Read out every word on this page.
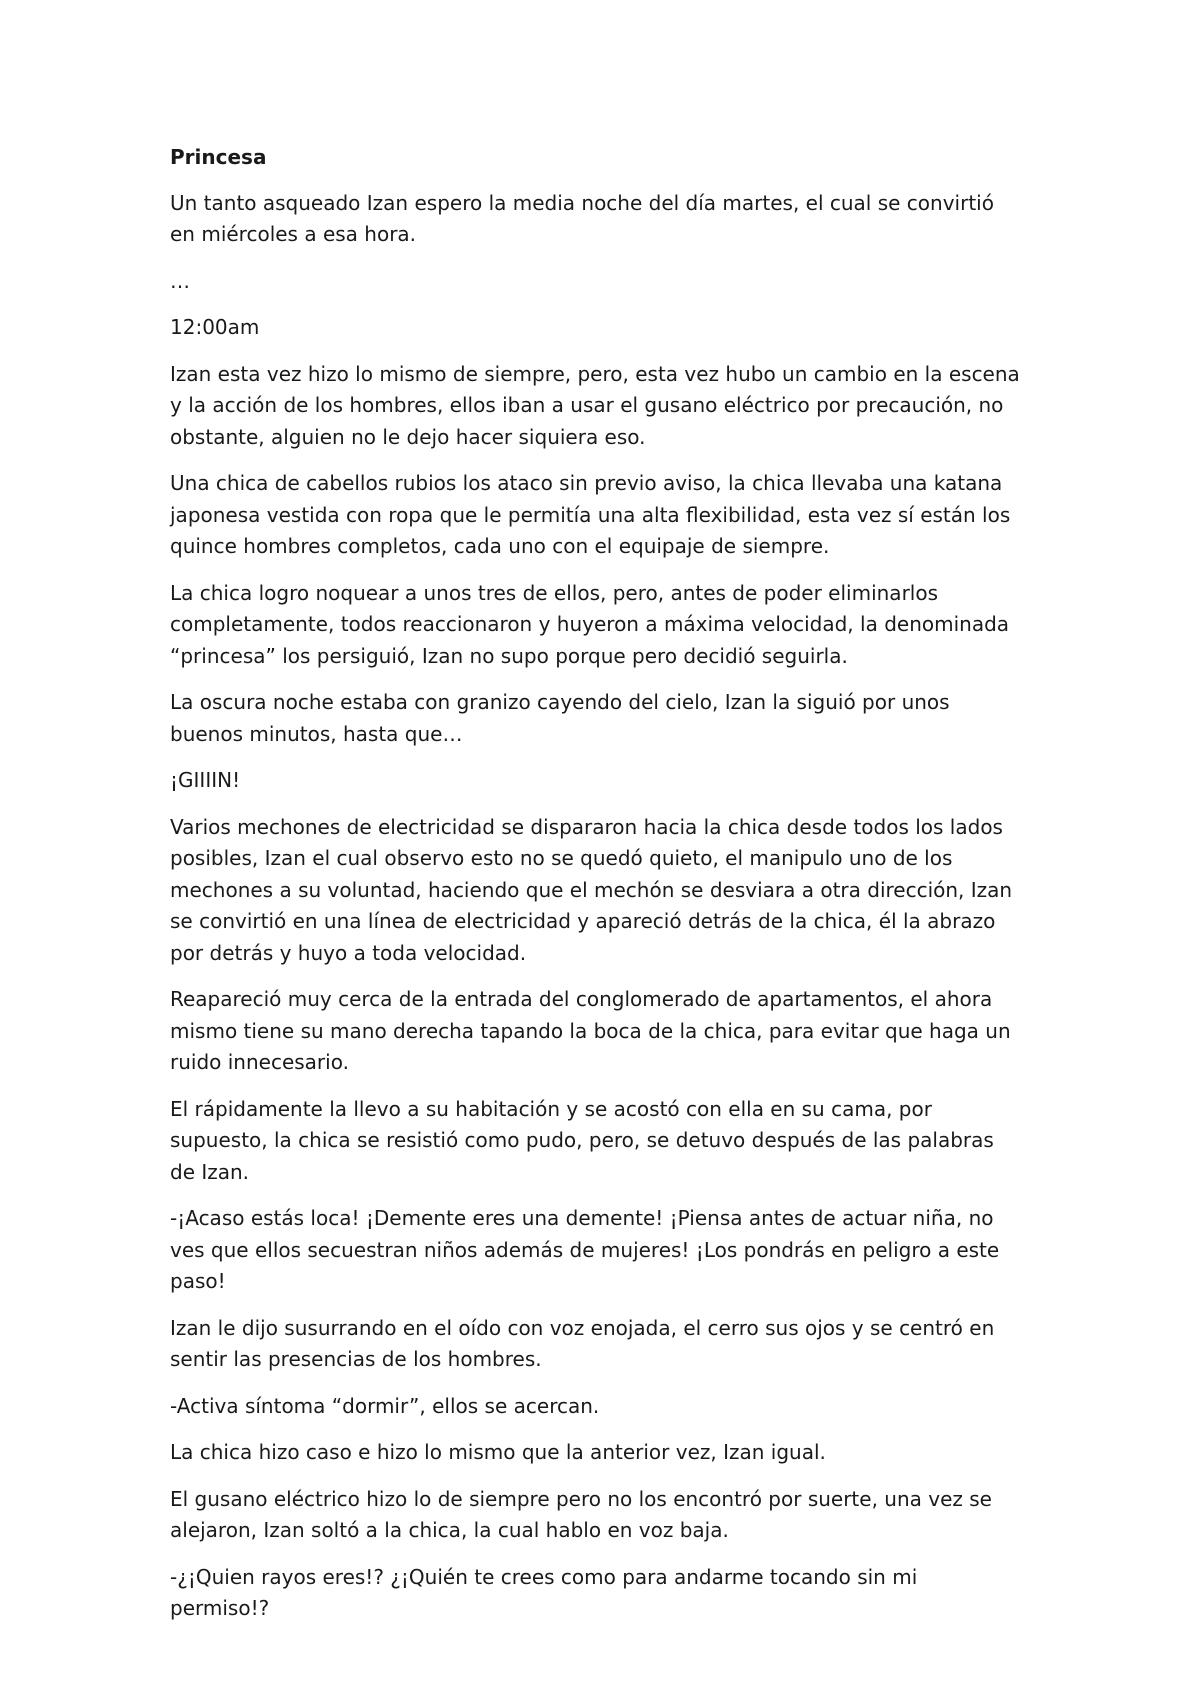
Princesa

Un tanto asqueado Izan espero la media noche del día martes, el cual se convirtió en miércoles a esa hora.

…

12:00am

Izan esta vez hizo lo mismo de siempre, pero, esta vez hubo un cambio en la escena y la acción de los hombres, ellos iban a usar el gusano eléctrico por precaución, no obstante, alguien no le dejo hacer siquiera eso.

Una chica de cabellos rubios los ataco sin previo aviso, la chica llevaba una katana japonesa vestida con ropa que le permitía una alta flexibilidad, esta vez sí están los quince hombres completos, cada uno con el equipaje de siempre.

La chica logro noquear a unos tres de ellos, pero, antes de poder eliminarlos completamente, todos reaccionaron y huyeron a máxima velocidad, la denominada “princesa” los persiguió, Izan no supo porque pero decidió seguirla.

La oscura noche estaba con granizo cayendo del cielo, Izan la siguió por unos buenos minutos, hasta que…

¡GIIIIN!

Varios mechones de electricidad se dispararon hacia la chica desde todos los lados posibles, Izan el cual observo esto no se quedó quieto, el manipulo uno de los mechones a su voluntad, haciendo que el mechón se desviara a otra dirección, Izan se convirtió en una línea de electricidad y apareció detrás de la chica, él la abrazo por detrás y huyo a toda velocidad.

Reapareció muy cerca de la entrada del conglomerado de apartamentos, el ahora mismo tiene su mano derecha tapando la boca de la chica, para evitar que haga un ruido innecesario.

El rápidamente la llevo a su habitación y se acostó con ella en su cama, por supuesto, la chica se resistió como pudo, pero, se detuvo después de las palabras de Izan.

-¡Acaso estás loca! ¡Demente eres una demente! ¡Piensa antes de actuar niña, no ves que ellos secuestran niños además de mujeres! ¡Los pondrás en peligro a este paso!

Izan le dijo susurrando en el oído con voz enojada, el cerro sus ojos y se centró en sentir las presencias de los hombres.

-Activa síntoma “dormir”, ellos se acercan.

La chica hizo caso e hizo lo mismo que la anterior vez, Izan igual.

El gusano eléctrico hizo lo de siempre pero no los encontró por suerte, una vez se alejaron, Izan soltó a la chica, la cual hablo en voz baja.

-¿¡Quien rayos eres!? ¿¡Quién te crees como para andarme tocando sin mi permiso!?
